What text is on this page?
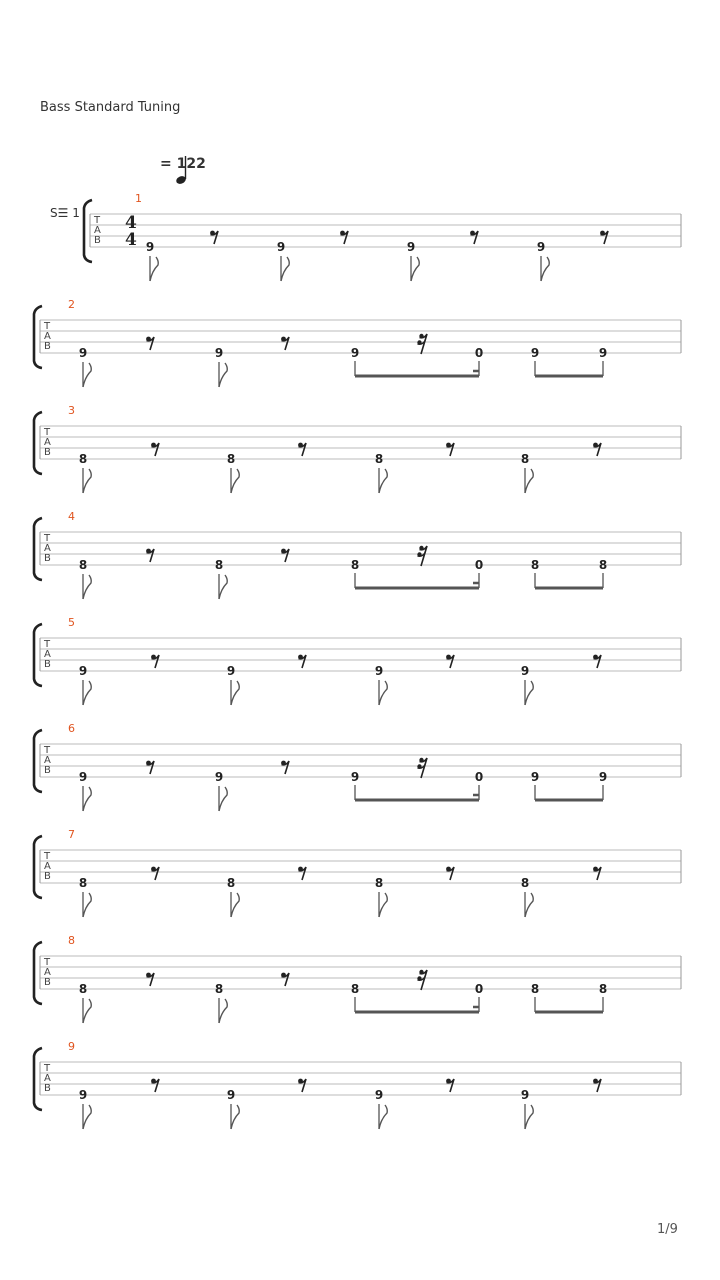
Bass Standard Tuning
= 122
S☰ 1
T
A
B
1
4
4 9	9	9	9
T
A
B
2
9	9	9	0	9	9
T
A
B
3
8	8	8	8
T
A
B
4
8	8	8	0	8	8
T
A
B
5
9	9	9	9
T
A
B
6
9	9	9	0	9	9
T
A
B
7
8	8	8	8
T
A
B
8
8	8	8	0	8	8
T
A
B
9
9	9	9	9
1/9
